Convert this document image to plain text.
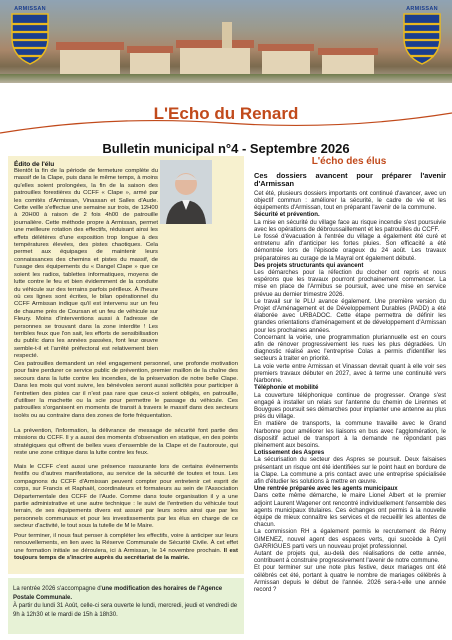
ARMISSAN	ARMISSAN
L'Echo du Renard
Bulletin municipal n°4 - Septembre 2026
Édito de l'élu
Bientôt la fin de la période de fermeture complète du massif de la Clape, puis dans le même temps, à moins qu'elles soient prolongées, la fin de la saison des patrouilles forestières du CCFF « Clape », armé par les comités d'Armissan, Vinassan et Salles d'Aude. Cette veille s'effectue une semaine sur trois, de 12H00 à 20H00 à raison de 2 fois 4h00 de patrouille journalière. Cette méthode propre à Armissan, permet une meilleure rotation des effectifs, réduisant ainsi les effets délétères d'une exposition trop longue à des températures élevées, des pistes chaotiques. Cela permet aux équipages de maintenir leurs connaissances des chemins et pistes du massif, de l'usage des équipements du « Dangel Clape » que ce soient les radios, tablettes informatiques, moyens de lutte contre le feu et bien évidemment de la conduite du véhicule sur des terrains parfois périlleux. À l'heure où ces lignes sont écrites, le bilan opérationnel du CCFF Armissan indique qu'il est intervenu sur un feu de chaume près de Coursan et un feu de véhicule sur Fleury. Moins d'interventions aussi à l'adresse de personnes se trouvant dans la zone interdite ! Les terribles feux que l'on sait, les efforts de sensibilisation du public dans les années passées, font leur œuvre semble-t-il et l'arrêté préfectoral est relativement bien respecté.
Ces patrouilles demandent un réel engagement personnel, une profonde motivation pour faire perdurer ce service public de prévention, premier maillon de la chaîne des secours dans la lutte contre les incendies, de la préservation de notre belle Clape. Dans les mois qui vont suivre, les bénévoles seront aussi sollicités pour participer à l'entretien des pistes car il n'est pas rare que ceux-ci soient obligés, en patrouille, d'utiliser la machette ou la scie pour permettre le passage du véhicule. Ces patrouilles s'organisent en moments de transit à travers le massif dans des secteurs isolés ou au contraire dans des zones de forte fréquentation.
La prévention, l'information, la délivrance de message de sécurité font partie des missions du CCFF. Il y a aussi des moments d'observation en statique, en des points stratégiques qui offrent de belles vues d'ensemble de la Clape et de l'autoroute, qui reste une zone critique dans la lutte contre les feux.
Mais le CCFF c'est aussi une présence rassurante lors de certains événements festifs ou d'autres manifestations, au service de la sécurité de toutes et tous. Les compagnons du CCFF d'Armissan peuvent compter pour entretenir cet esprit de corps, sur Francis et Raphaël, coordinateurs et formateurs au sein de l'Association Départementale des CCFF de l'Aude. Comme dans toute organisation il y a une partie administrative et une autre technique : le suivi de l'entretien du véhicule tout terrain, de ses équipements divers est assuré par leurs soins ainsi que par les personnels communaux et pour les investissements par les élus en charge de ce secteur d'activité, le tout sous la tutelle de M le Maire.
Pour terminer, il nous faut penser à compléter les effectifs, voire à anticiper sur leurs renouvellements, en lien avec la Réserve Communale de Sécurité Civile. À cet effet une formation initiale se déroulera, ici à Armissan, le 14 novembre prochain. Il est toujours temps de s'inscrire auprès du secrétariat de la mairie.
La rentrée 2026 s'accompagne d'une modification des horaires de l'Agence Postale Communale.
À partir du lundi 31 Août, celle-ci sera ouverte le lundi, mercredi, jeudi et vendredi de 9h à 12h30 et le mardi de 15h à 18h30.
L'écho des élus
Ces dossiers avancent pour préparer l'avenir d'Armissan

Cet été, plusieurs dossiers importants ont continué d'avancer, avec un objectif commun : améliorer la sécurité, le cadre de vie et les équipements d'Armissan, tout en préparant l'avenir de la commune.

Sécurité et prévention.

La mise en sécurité du village face au risque incendie s'est poursuivie avec les opérations de débroussaillement et les patrouilles du CCFF.

Le fossé d'évacuation à l'entrée du village a également été curé et entretenu afin d'anticiper les fortes pluies. Son efficacité a été démontrée lors de l'épisode orageux du 24 août. Les travaux préparatoires au curage de la Mayral ont également débuté.

Des projets structurants qui avancent

Les démarches pour la réfection du clocher ont repris et nous espérons que les travaux pourront prochainement commencer. La mise en place de l'Armibus se poursuit, avec une mise en service prévue au dernier trimestre 2026.

Le travail sur le PLU avance également. Une première version du Projet d'Aménagement et de Développement Durables (PADD) a été élaborée avec URBADOC. Cette étape permettra de définir les grandes orientations d'aménagement et de développement d'Armissan pour les prochaines années.

Concernant la voirie, une programmation pluriannuelle est en cours afin de rénover progressivement les rues les plus dégradées. Un diagnostic réalisé avec l'entreprise Colas a permis d'identifier les secteurs à traiter en priorité.

La voie verte entre Armissan et Vinassan devrait quant à elle voir ses premiers travaux débuter en 2027, avec à terme une continuité vers Narbonne.

Téléphonie et mobilité

La couverture téléphonique continue de progresser. Orange s'est engagé à installer un relais sur l'antenne du chemin de Lirennes et Bouygues poursuit ses démarches pour implanter une antenne au plus près du village.

En matière de transports, la commune travaille avec le Grand Narbonne pour améliorer les liaisons en bus avec l'agglomération, le dispositif actuel de transport à la demande ne répondant pas pleinement aux besoins.

Lotissement des Aspres

La sécurisation du secteur des Aspres se poursuit. Deux faisaises présentant un risque ont été identifiées sur le point haut en bordure de la Clape. La commune a pris contact avec une entreprise spécialisée afin d'étudier les solutions à mettre en œuvre.

Une rentrée préparée avec les agents municipaux

Dans cette même démarche, le maire Lionel Albert et le premier adjoint Laurent Wagener ont rencontré individuellement l'ensemble des agents municipaux titulaires. Ces échanges ont permis à la nouvelle équipe de mieux connaître les services et de recueillir les attentes de chacun.

La commission RH a également permis le recrutement de Rémy GIMENEZ, nouvel agent des espaces verts, qui succède à Cyril GARRIGUES parti vers un nouveau projet professionnel.

Autant de projets qui, au-delà des réalisations de cette année, contribuent à construire progressivement l'avenir de notre commune.

Et pour terminer sur une note plus festive, deux mariages ont été célébrés cet été, portant à quatre le nombre de mariages célébrés à Armissan depuis le début de l'année. 2026 sera-t-elle une année record ?
